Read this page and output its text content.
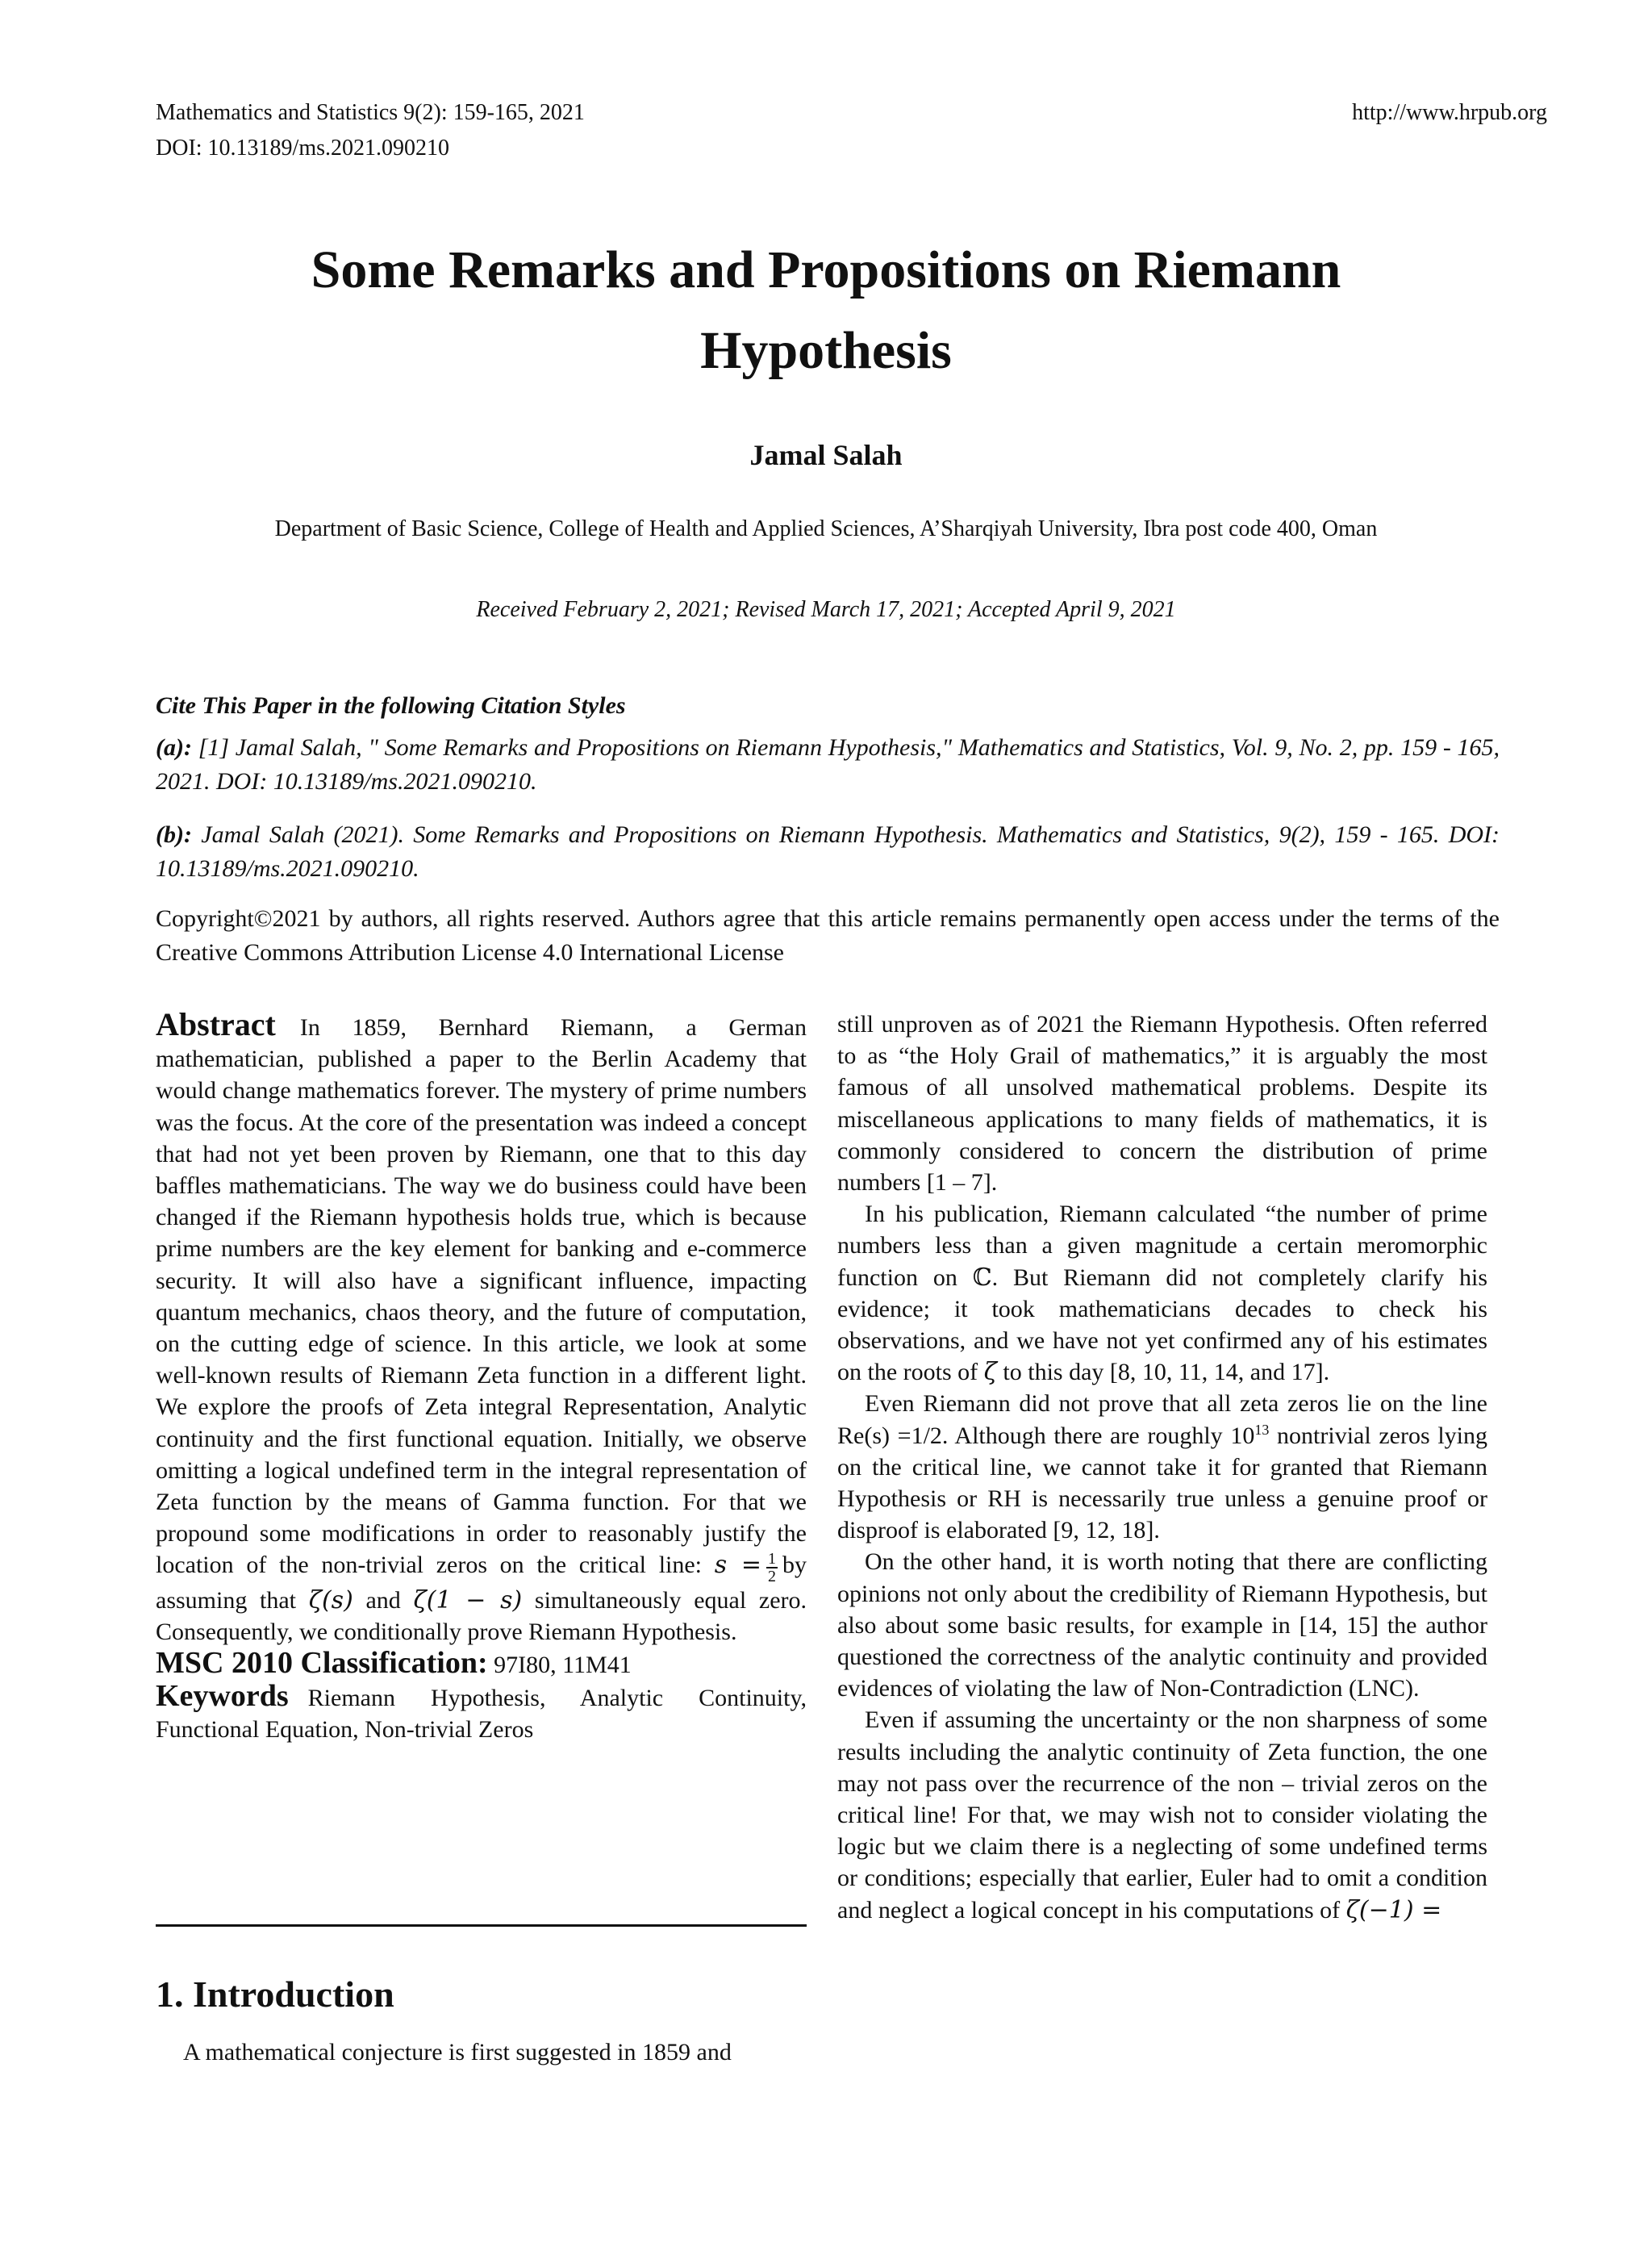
Mathematics and Statistics 9(2): 159-165, 2021
DOI: 10.13189/ms.2021.090210
http://www.hrpub.org
Some Remarks and Propositions on Riemann
Hypothesis
Jamal Salah
Department of Basic Science, College of Health and Applied Sciences, A’Sharqiyah University, Ibra post code 400, Oman
Received February 2, 2021; Revised March 17, 2021; Accepted April 9, 2021
Cite This Paper in the following Citation Styles
(a): [1] Jamal Salah, " Some Remarks and Propositions on Riemann Hypothesis," Mathematics and Statistics, Vol. 9, No. 2, pp. 159 - 165, 2021. DOI: 10.13189/ms.2021.090210.
(b): Jamal Salah (2021). Some Remarks and Propositions on Riemann Hypothesis. Mathematics and Statistics, 9(2), 159 - 165. DOI: 10.13189/ms.2021.090210.
Copyright©2021 by authors, all rights reserved. Authors agree that this article remains permanently open access under the terms of the Creative Commons Attribution License 4.0 International License

Abstract In 1859, Bernhard Riemann, a German mathematician, published a paper to the Berlin Academy that would change mathematics forever. The mystery of prime numbers was the focus. At the core of the presentation was indeed a concept that had not yet been proven by Riemann, one that to this day baffles mathematicians. The way we do business could have been changed if the Riemann hypothesis holds true, which is because prime numbers are the key element for banking and e-commerce security. It will also have a significant influence, impacting quantum mechanics, chaos theory, and the future of computation, on the cutting edge of science. In this article, we look at some well-known results of Riemann Zeta function in a different light. We explore the proofs of Zeta integral Representation, Analytic continuity and the first functional equation. Initially, we observe omitting a logical undefined term in the integral representation of Zeta function by the means of Gamma function. For that we propound some modifications in order to reasonably justify the location of the non-trivial zeros on the critical line: $s = \frac{1}{2}$ by assuming that ζ(s) and ζ(1 − s) simultaneously equal zero. Consequently, we conditionally prove Riemann Hypothesis.

MSC 2010 Classification: 97I80, 11M41

Keywords Riemann Hypothesis, Analytic Continuity, Functional Equation, Non-trivial Zeros

1. Introduction
A mathematical conjecture is first suggested in 1859 and

still unproven as of 2021 the Riemann Hypothesis. Often referred to as “the Holy Grail of mathematics,” it is arguably the most famous of all unsolved mathematical problems. Despite its miscellaneous applications to many fields of mathematics, it is commonly considered to concern the distribution of prime numbers [1 – 7].

In his publication, Riemann calculated “the number of prime numbers less than a given magnitude a certain meromorphic function on ℂ. But Riemann did not completely clarify his evidence; it took mathematicians decades to check his observations, and we have not yet confirmed any of his estimates on the roots of ζ to this day [8, 10, 11, 14, and 17].

Even Riemann did not prove that all zeta zeros lie on the line Re(s) =1/2. Although there are roughly $10^{13}$ nontrivial zeros lying on the critical line, we cannot take it for granted that Riemann Hypothesis or RH is necessarily true unless a genuine proof or disproof is elaborated [9, 12, 18].

On the other hand, it is worth noting that there are conflicting opinions not only about the credibility of Riemann Hypothesis, but also about some basic results, for example in [14, 15] the author questioned the correctness of the analytic continuity and provided evidences of violating the law of Non-Contradiction (LNC).

Even if assuming the uncertainty or the non sharpness of some results including the analytic continuity of Zeta function, the one may not pass over the recurrence of the non – trivial zeros on the critical line! For that, we may wish not to consider violating the logic but we claim there is a neglecting of some undefined terms or conditions; especially that earlier, Euler had to omit a condition and neglect a logical concept in his computations of ζ(−1) =
